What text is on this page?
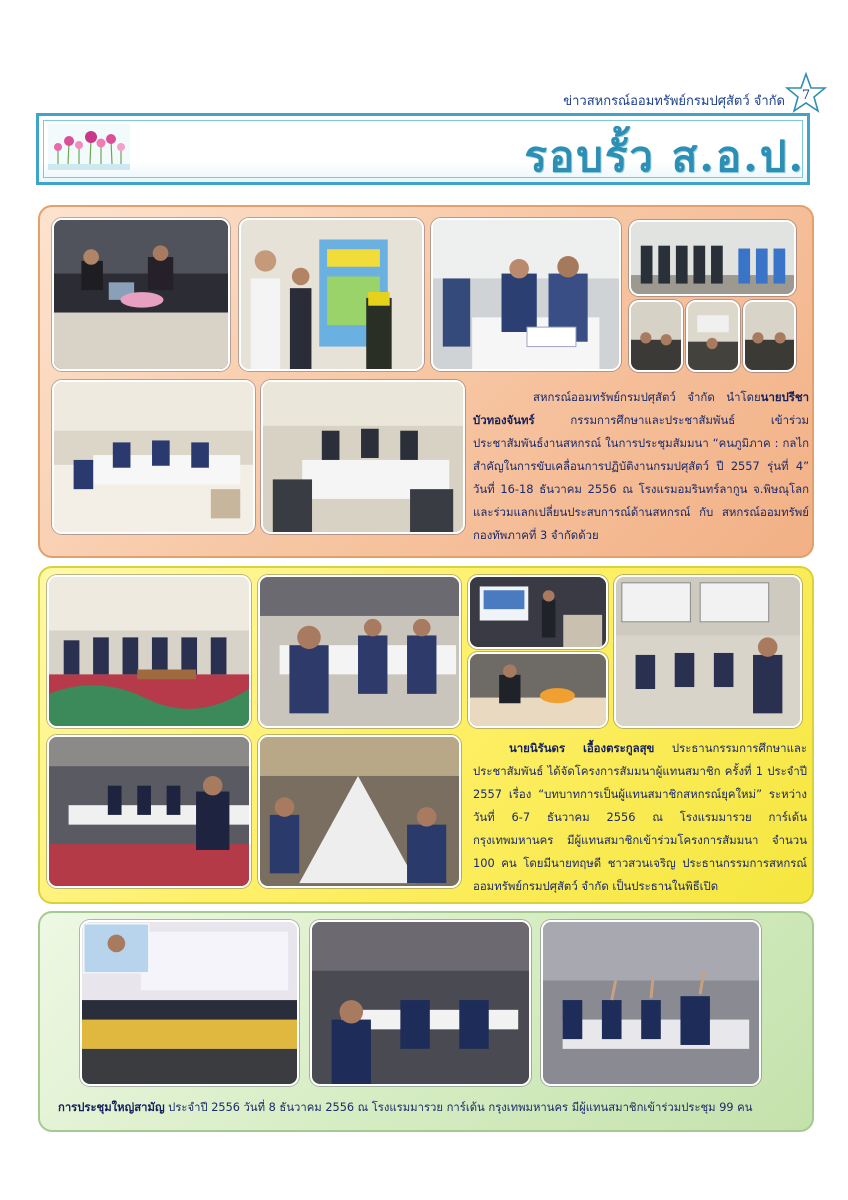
ข่าวสหกรณ์ออมทรัพย์กรมปศุสัตว์ จำกัด 7
รอบรั้ว ส.อ.ป.
สหกรณ์ออมทรัพย์กรมปศุสัตว์ จำกัด นำโดยนายปรีชา บัวทองจันทร์ กรรมการศึกษาและประชาสัมพันธ์ เข้าร่วมประชาสัมพันธ์งานสหกรณ์ ในการประชุมสัมมนา “คนภูมิภาค : กลไกสำคัญในการขับเคลื่อนการปฏิบัติงานกรมปศุสัตว์ ปี 2557 รุ่นที่ 4” วันที่ 16-18 ธันวาคม 2556 ณ โรงแรมอมรินทร์ลากูน จ.พิษณุโลก และร่วมแลกเปลี่ยนประสบการณ์ด้านสหกรณ์ กับ สหกรณ์ออมทรัพย์กองทัพภาคที่ 3 จำกัดด้วย
นายนิรันดร เอื้องตระกูลสุข ประธานกรรมการศึกษาและประชาสัมพันธ์ ได้จัดโครงการสัมมนาผู้แทนสมาชิก ครั้งที่ 1 ประจำปี 2557 เรื่อง “บทบาทการเป็นผู้แทนสมาชิกสหกรณ์ยุคใหม่” ระหว่างวันที่ 6-7 ธันวาคม 2556 ณ โรงแรมมารวย การ์เด้น กรุงเทพมหานคร มีผู้แทนสมาชิกเข้าร่วมโครงการสัมมนา จำนวน 100 คน โดยมีนายทฤษดี ชาวสวนเจริญ ประธานกรรมการสหกรณ์ออมทรัพย์กรมปศุสัตว์ จำกัด เป็นประธานในพิธีเปิด
การประชุมใหญ่สามัญ ประจำปี 2556 วันที่ 8 ธันวาคม 2556 ณ โรงแรมมารวย การ์เด้น กรุงเทพมหานคร มีผู้แทนสมาชิกเข้าร่วมประชุม 99 คน
